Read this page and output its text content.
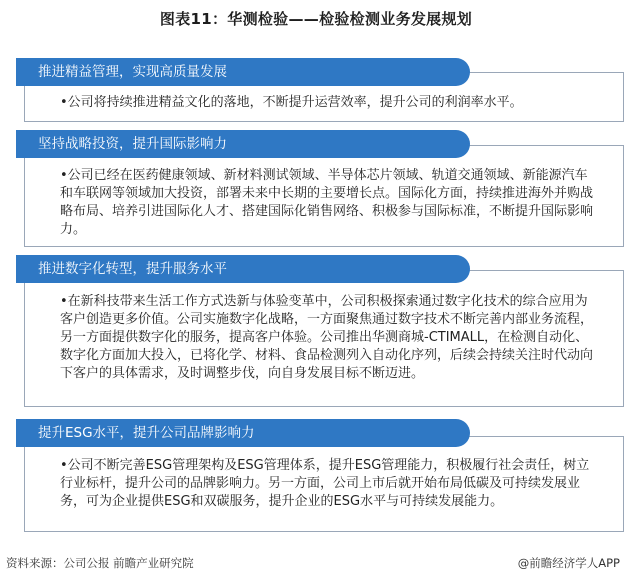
图表11：华测检验——检验检测业务发展规划
推进精益管理，实现高质量发展
•公司将持续推进精益文化的落地，不断提升运营效率，提升公司的利润率水平。
坚持战略投资，提升国际影响力
•公司已经在医药健康领域、新材料测试领域、半导体芯片领域、轨道交通领域、新能源汽车和车联网等领域加大投资，部署未来中长期的主要增长点。国际化方面，持续推进海外并购战略布局、培养引进国际化人才、搭建国际化销售网络、积极参与国际标准，不断提升国际影响力。
推进数字化转型，提升服务水平
•在新科技带来生活工作方式迭新与体验变革中，公司积极探索通过数字化技术的综合应用为客户创造更多价值。公司实施数字化战略，一方面聚焦通过数字技术不断完善内部业务流程，另一方面提供数字化的服务，提高客户体验。公司推出华测商城-CTIMALL，在检测自动化、数字化方面加大投入，已将化学、材料、食品检测列入自动化序列，后续会持续关注时代动向下客户的具体需求，及时调整步伐，向自身发展目标不断迈进。
提升ESG水平，提升公司品牌影响力
•公司不断完善ESG管理架构及ESG管理体系，提升ESG管理能力，积极履行社会责任，树立行业标杆，提升公司的品牌影响力。另一方面，公司上市后就开始布局低碳及可持续发展业务，可为企业提供ESG和双碳服务，提升企业的ESG水平与可持续发展能力。
资料来源：公司公报 前瞻产业研究院	@前瞻经济学人APP
